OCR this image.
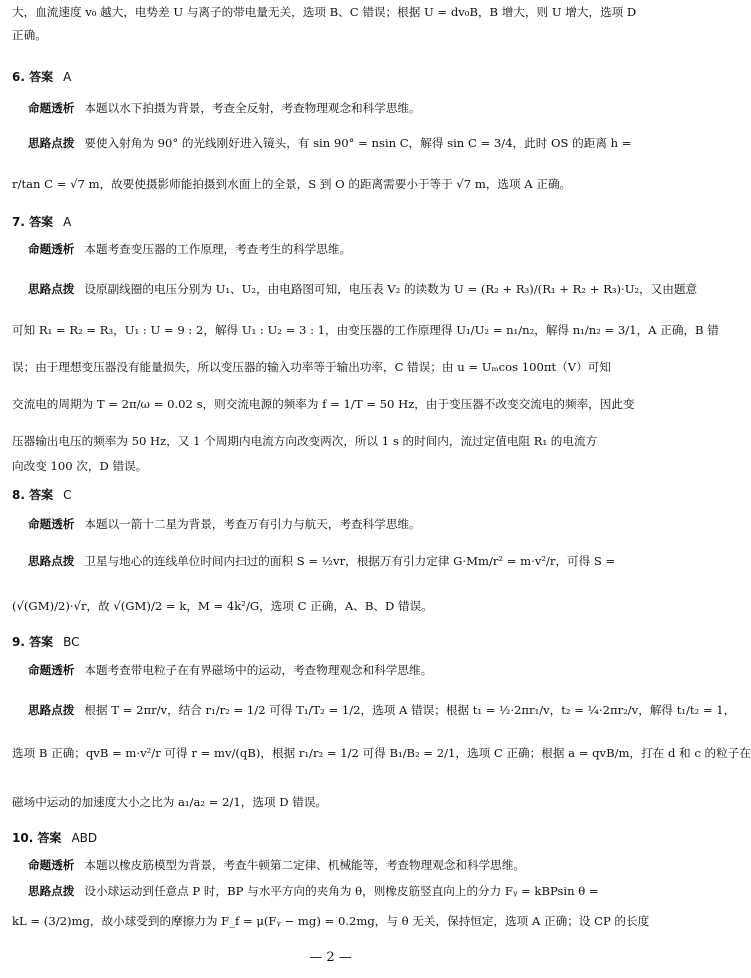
大，血流速度 v₀ 越大，电势差 U 与离子的带电量无关，选项 B、C 错误；根据 U = dv₀B，B 增大，则 U 增大，选项 D
正确。
6. 答案 A
命题透析 本题以水下拍摄为背景，考查全反射，考查物理观念和科学思维。
思路点拨 要使入射角为 90° 的光线刚好进入镜头，有 sin 90° = nsin C，解得 sin C = 3/4，此时 OS 的距离 h =
r/tan C = √7 m，故要使摄影师能拍摄到水面上的全景，S 到 O 的距离需要小于等于 √7 m，选项 A 正确。
7. 答案 A
命题透析 本题考查变压器的工作原理，考查考生的科学思维。
思路点拨 设原副线圈的电压分别为 U₁、U₂，由电路图可知，电压表 V₂ 的读数为 U = (R₂ + R₃)/(R₁ + R₂ + R₃)·U₂，又由题意
可知 R₁ = R₂ = R₃，U₁ : U = 9 : 2，解得 U₁ : U₂ = 3 : 1，由变压器的工作原理得 U₁/U₂ = n₁/n₂，解得 n₁/n₂ = 3/1，A 正确，B 错
误；由于理想变压器没有能量损失，所以变压器的输入功率等于输出功率，C 错误；由 u = Uₘcos 100πt（V）可知
交流电的周期为 T = 2π/ω = 0.02 s，则交流电源的频率为 f = 1/T = 50 Hz，由于变压器不改变交流电的频率，因此变
压器输出电压的频率为 50 Hz，又 1 个周期内电流方向改变两次，所以 1 s 的时间内，流过定值电阻 R₁ 的电流方
向改变 100 次，D 错误。
8. 答案 C
命题透析 本题以一箭十二星为背景，考查万有引力与航天，考查科学思维。
思路点拨 卫星与地心的连线单位时间内扫过的面积 S = ½vr，根据万有引力定律 G·Mm/r² = m·v²/r，可得 S =
(√(GM)/2)·√r，故 √(GM)/2 = k，M = 4k²/G，选项 C 正确，A、B、D 错误。
9. 答案 BC
命题透析 本题考查带电粒子在有界磁场中的运动，考查物理观念和科学思维。
思路点拨 根据 T = 2πr/v，结合 r₁/r₂ = 1/2 可得 T₁/T₂ = 1/2，选项 A 错误；根据 t₁ = ½·2πr₁/v，t₂ = ¼·2πr₂/v，解得 t₁/t₂ = 1，
选项 B 正确；qvB = m·v²/r 可得 r = mv/(qB)，根据 r₁/r₂ = 1/2 可得 B₁/B₂ = 2/1，选项 C 正确；根据 a = qvB/m，打在 d 和 c 的粒子在
磁场中运动的加速度大小之比为 a₁/a₂ = 2/1，选项 D 错误。
10. 答案 ABD
命题透析 本题以橡皮筋模型为背景，考查牛顿第二定律、机械能等，考查物理观念和科学思维。
思路点拨 设小球运动到任意点 P 时，BP 与水平方向的夹角为 θ，则橡皮筋竖直向上的分力 Fᵧ = kBPsin θ =
kL = (3/2)mg，故小球受到的摩擦力为 F_f = μ(Fᵧ − mg) = 0.2mg，与 θ 无关，保持恒定，选项 A 正确；设 CP 的长度
— 2 —
